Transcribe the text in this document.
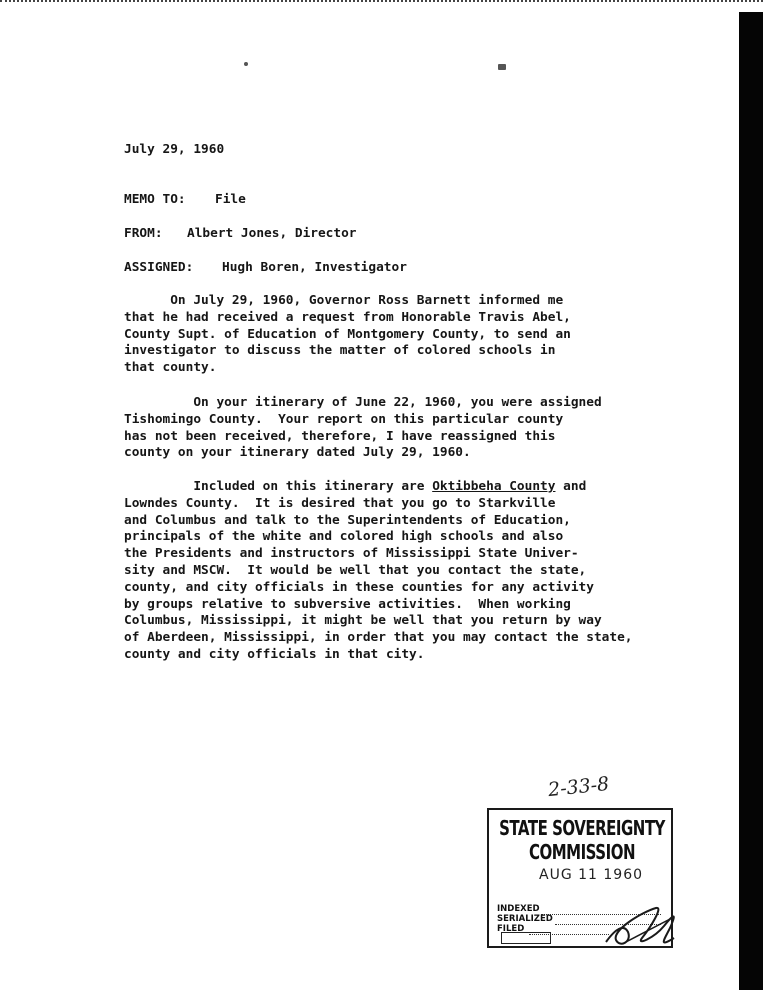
July 29, 1960
MEMO TO: File
FROM: Albert Jones, Director
ASSIGNED: Hugh Boren, Investigator
On July 29, 1960, Governor Ross Barnett informed me
that he had received a request from Honorable Travis Abel,
County Supt. of Education of Montgomery County, to send an
investigator to discuss the matter of colored schools in
that county.
On your itinerary of June 22, 1960, you were assigned
Tishomingo County.  Your report on this particular county
has not been received, therefore, I have reassigned this
county on your itinerary dated July 29, 1960.
Included on this itinerary are Oktibbeha County and
Lowndes County.  It is desired that you go to Starkville
and Columbus and talk to the Superintendents of Education,
principals of the white and colored high schools and also
the Presidents and instructors of Mississippi State Univer-
sity and MSCW.  It would be well that you contact the state,
county, and city officials in these counties for any activity
by groups relative to subversive activities.  When working
Columbus, Mississippi, it might be well that you return by way
of Aberdeen, Mississippi, in order that you may contact the state,
county and city officials in that city.
2-33-8
STATE SOVEREIGNTY COMMISSION
AUG 11 1960
INDEXED
SERIALIZED
FILED
